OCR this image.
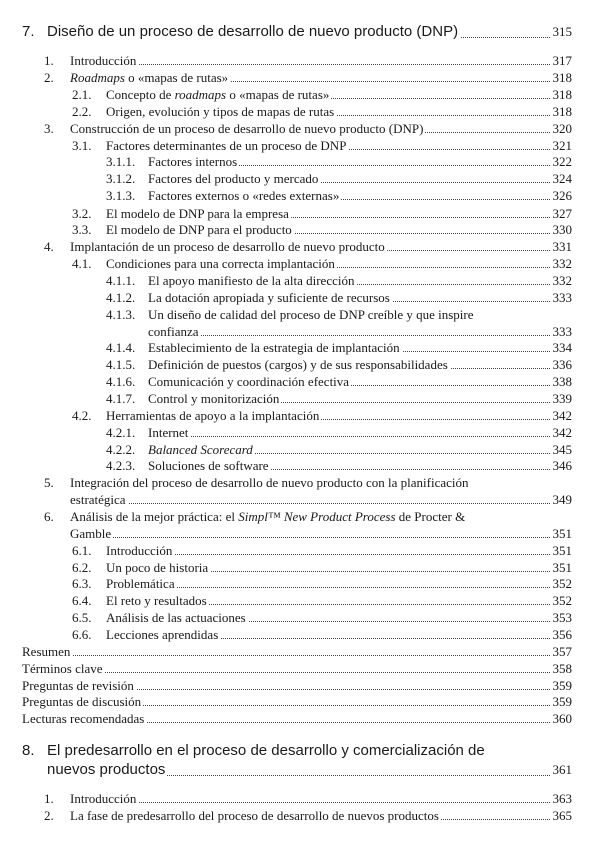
7. Diseño de un proceso de desarrollo de nuevo producto (DNP)	315
1. Introducción	317
2. Roadmaps o «mapas de rutas»	318
2.1. Concepto de roadmaps o «mapas de rutas»	318
2.2. Origen, evolución y tipos de mapas de rutas	318
3. Construcción de un proceso de desarrollo de nuevo producto (DNP)	320
3.1. Factores determinantes de un proceso de DNP	321
3.1.1. Factores internos	322
3.1.2. Factores del producto y mercado	324
3.1.3. Factores externos o «redes externas»	326
3.2. El modelo de DNP para la empresa	327
3.3. El modelo de DNP para el producto	330
4. Implantación de un proceso de desarrollo de nuevo producto	331
4.1. Condiciones para una correcta implantación	332
4.1.1. El apoyo manifiesto de la alta dirección	332
4.1.2. La dotación apropiada y suficiente de recursos	333
4.1.3. Un diseño de calidad del proceso de DNP creíble y que inspire
confianza	333
4.1.4. Establecimiento de la estrategia de implantación	334
4.1.5. Definición de puestos (cargos) y de sus responsabilidades	336
4.1.6. Comunicación y coordinación efectiva	338
4.1.7. Control y monitorización	339
4.2. Herramientas de apoyo a la implantación	342
4.2.1. Internet	342
4.2.2. Balanced Scorecard	345
4.2.3. Soluciones de software	346
5. Integración del proceso de desarrollo de nuevo producto con la planificación
estratégica	349
6. Análisis de la mejor práctica: el Simpl™ New Product Process de Procter &
Gamble	351
6.1. Introducción	351
6.2. Un poco de historia	351
6.3. Problemática	352
6.4. El reto y resultados	352
6.5. Análisis de las actuaciones	353
6.6. Lecciones aprendidas	356
Resumen	357
Términos clave	358
Preguntas de revisión	359
Preguntas de discusión	359
Lecturas recomendadas	360
8. El predesarrollo en el proceso de desarrollo y comercialización de
nuevos productos	361
1. Introducción	363
2. La fase de predesarrollo del proceso de desarrollo de nuevos productos	365
